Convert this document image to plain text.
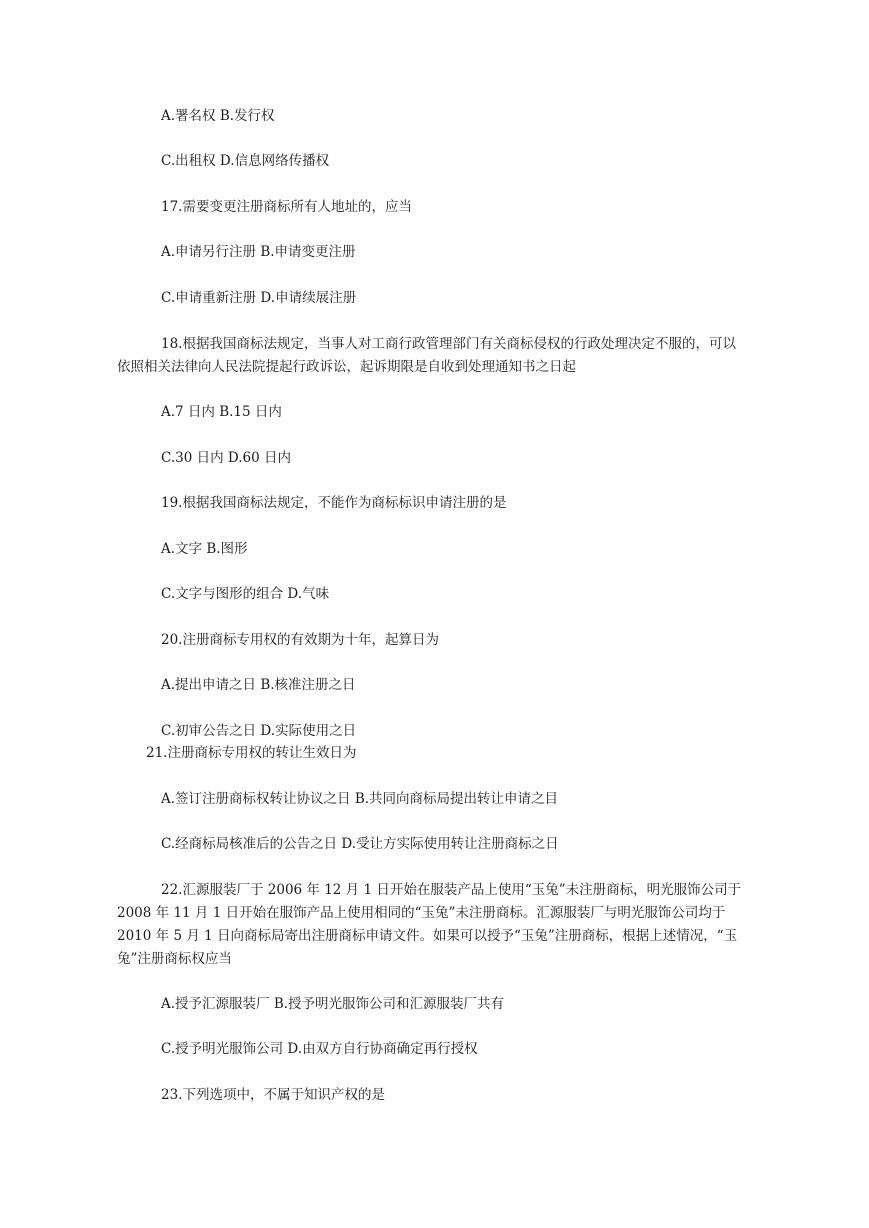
A.署名权 B.发行权

C.出租权 D.信息网络传播权

17.需要变更注册商标所有人地址的，应当

A.申请另行注册 B.申请变更注册

C.申请重新注册 D.申请续展注册

18.根据我国商标法规定，当事人对工商行政管理部门有关商标侵权的行政处理决定不服的，可以依照相关法律向人民法院提起行政诉讼，起诉期限是自收到处理通知书之日起

A.7 日内 B.15 日内

C.30 日内 D.60 日内

19.根据我国商标法规定，不能作为商标标识申请注册的是

A.文字 B.图形

C.文字与图形的组合 D.气味

20.注册商标专用权的有效期为十年，起算日为

A.提出申请之日 B.核准注册之日

C.初审公告之日 D.实际使用之日

21.注册商标专用权的转让生效日为

A.签订注册商标权转让协议之日 B.共同向商标局提出转让申请之目

C.经商标局核准后的公告之日 D.受让方实际使用转让注册商标之日

22.汇源服装厂于 2006 年 12 月 1 日开始在服装产品上使用“玉兔”未注册商标，明光服饰公司于 2008 年 11 月 1 日开始在服饰产品上使用相同的“玉兔”未注册商标。汇源服装厂与明光服饰公司均于 2010 年 5 月 1 日向商标局寄出注册商标申请文件。如果可以授予“玉兔”注册商标，根据上述情况，“玉兔”注册商标权应当

A.授予汇源服装厂 B.授予明光服饰公司和汇源服装厂共有

C.授予明光服饰公司 D.由双方自行协商确定再行授权

23.下列选项中，不属于知识产权的是
